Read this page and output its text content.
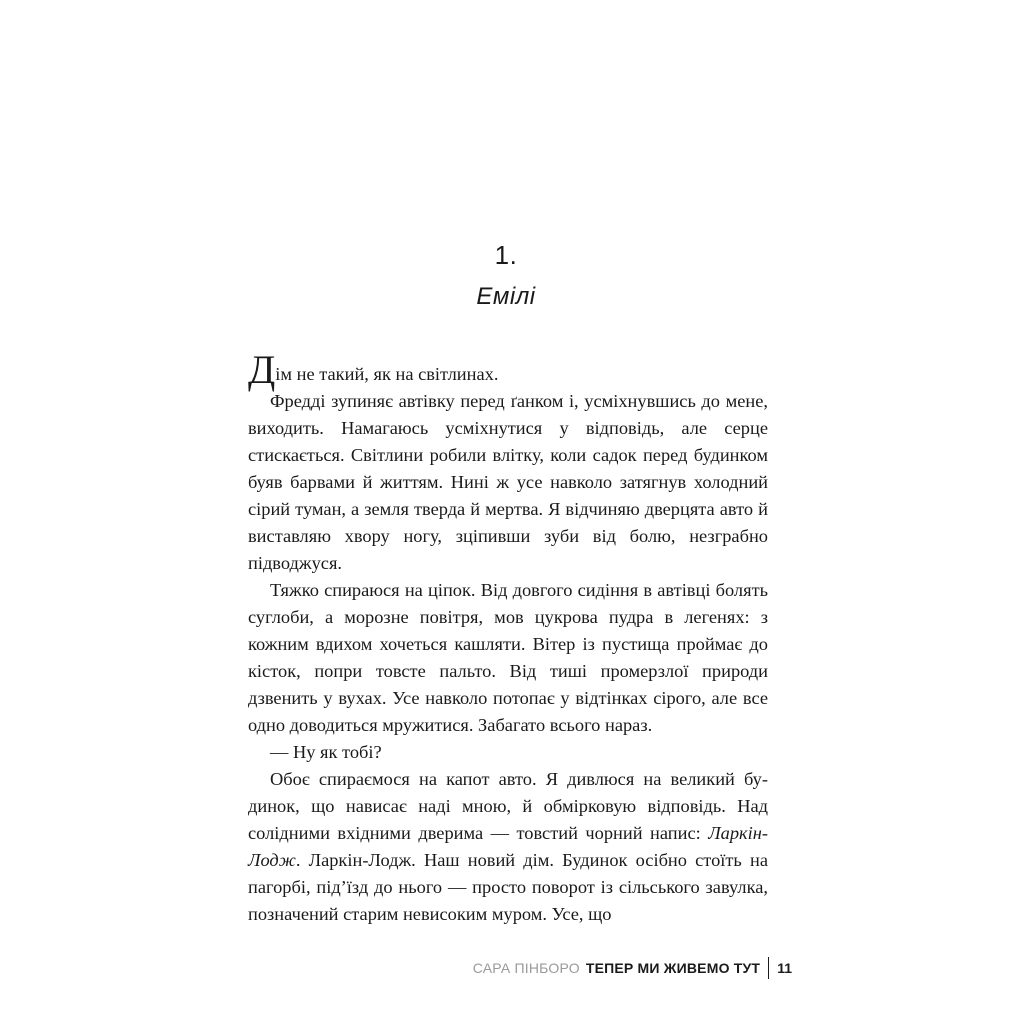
1.
Емілі

Дім не такий, як на світлинах.

Фредді зупиняє автівку перед ґанком і, усміхнувшись до мене, виходить. Намагаюсь усміхнутися у відповідь, але серце стискається. Світлини робили влітку, коли садок перед будинком буяв барвами й життям. Нині ж усе навколо затягнув холодний сірий туман, а земля тверда й мертва. Я відчиняю дверцята авто й виставляю хвору ногу, зціпивши зуби від болю, незграбно підводжуся.

Тяжко спираюся на ціпок. Від довгого сидіння в автівці болять суглоби, а морозне повітря, мов цукрова пудра в легенях: з кожним вдихом хочеться кашляти. Вітер із пустища проймає до кісток, попри товсте пальто. Від тиші промерзлої природи дзвенить у вухах. Усе навколо потопає у відтінках сірого, але все одно доводиться мружитися. Забагато всього нараз.

— Ну як тобі?

Обоє спираємося на капот авто. Я дивлюся на великий будинок, що нависає наді мною, й обмірковую відповідь. Над солідними вхідними дверима — товстий чорний напис: Ларкін-Лодж. Ларкін-Лодж. Наш новий дім. Будинок осібно стоїть на пагорбі, під’їзд до нього — просто поворот із сільського завулка, позначений старим невисоким муром. Усе, що

САРА ПІНБОРО ТЕПЕР МИ ЖИВЕМО ТУТ 11
